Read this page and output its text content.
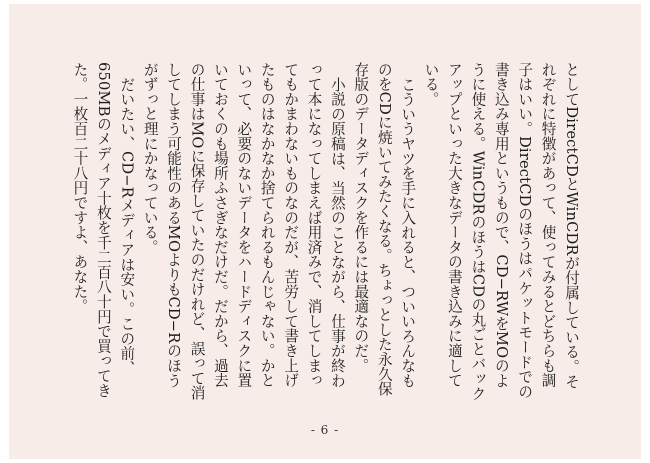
としてDirectCDとWinCDRが付属している。それぞれに特徴があって、使ってみるとどちらも調子はいい。DirectCDのほうはパケットモードでの書き込み専用というもので、CD−RWをMOのように使える。WinCDRのほうはCDの丸ごとバックアップといった大きなデータの書き込みに適している。

こういうヤツを手に入れると、ついいろんなものをCDに焼いてみたくなる。ちょっとした永久保存版のデータディスクを作るには最適なのだ。

小説の原稿は、当然のことながら、仕事が終わって本になってしまえば用済みで、消してしまってもかまわないものなのだが、苦労して書き上げたものはなかなか捨てられるもんじゃない。かといって、必要のないデータをハードディスクに置いておくのも場所ふさぎなだけだ。だから、過去の仕事はMOに保存していたのだけれど、誤って消してしまう可能性のあるMOよりもCD−Rのほうがずっと理にかなっている。

だいたい、CD−Rメディアは安い。この前、650MBのメディア十枚を千二百八十円で買ってきた。一枚百二十八円ですよ、あなた。

- 6 -
